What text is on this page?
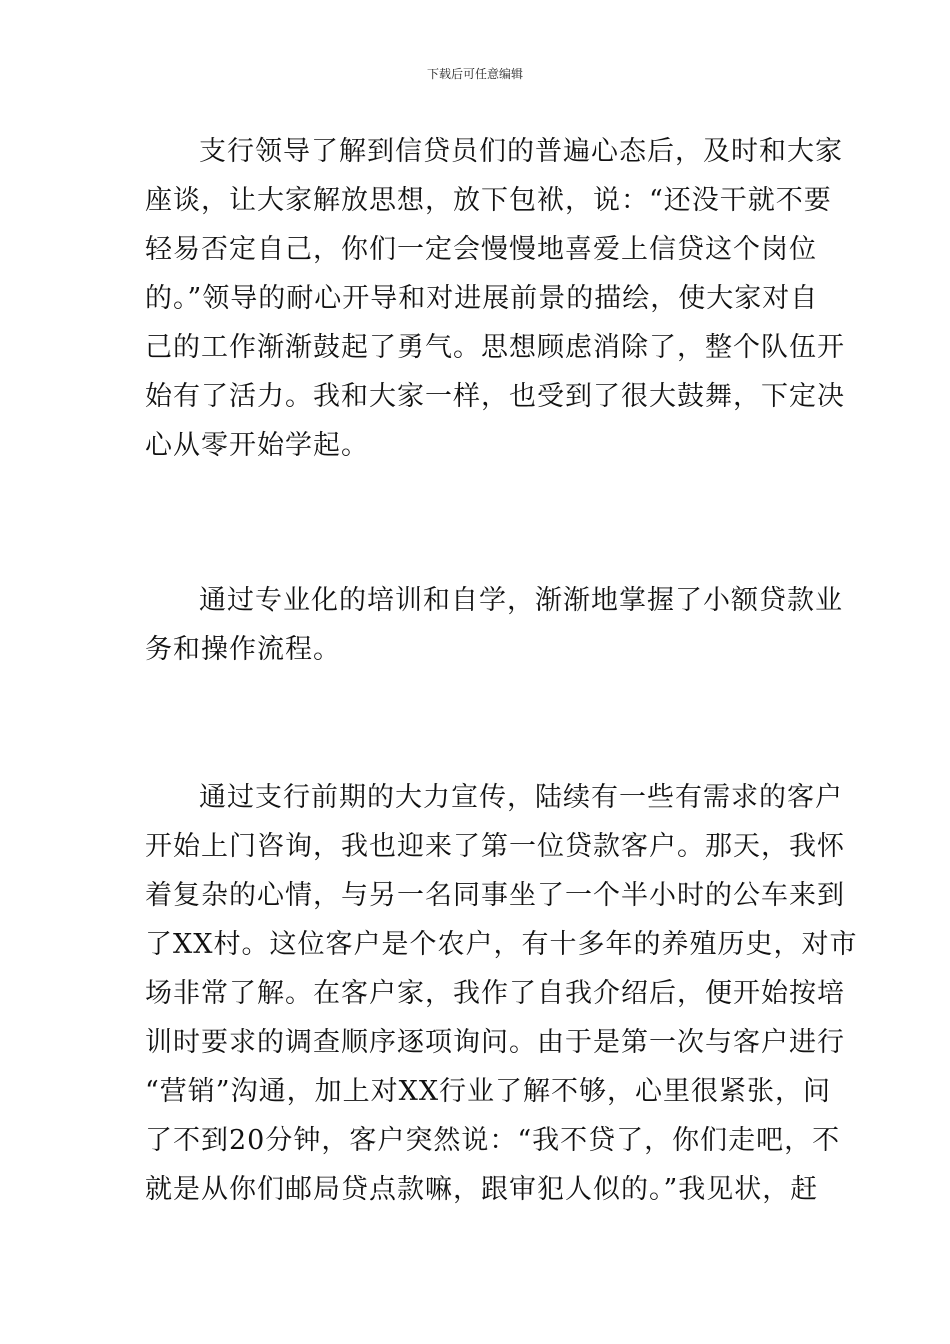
下载后可任意编辑
支行领导了解到信贷员们的普遍心态后，及时和大家
座谈，让大家解放思想，放下包袱，说：“还没干就不要
轻易否定自己，你们一定会慢慢地喜爱上信贷这个岗位
的。”领导的耐心开导和对进展前景的描绘，使大家对自
己的工作渐渐鼓起了勇气。思想顾虑消除了，整个队伍开
始有了活力。我和大家一样，也受到了很大鼓舞，下定决
心从零开始学起。
通过专业化的培训和自学，渐渐地掌握了小额贷款业
务和操作流程。
通过支行前期的大力宣传，陆续有一些有需求的客户
开始上门咨询，我也迎来了第一位贷款客户。那天，我怀
着复杂的心情，与另一名同事坐了一个半小时的公车来到
了XX村。这位客户是个农户，有十多年的养殖历史，对市
场非常了解。在客户家，我作了自我介绍后，便开始按培
训时要求的调查顺序逐项询问。由于是第一次与客户进行
“营销”沟通，加上对XX行业了解不够，心里很紧张，问
了不到20分钟，客户突然说：“我不贷了，你们走吧，不
就是从你们邮局贷点款嘛，跟审犯人似的。”我见状，赶
